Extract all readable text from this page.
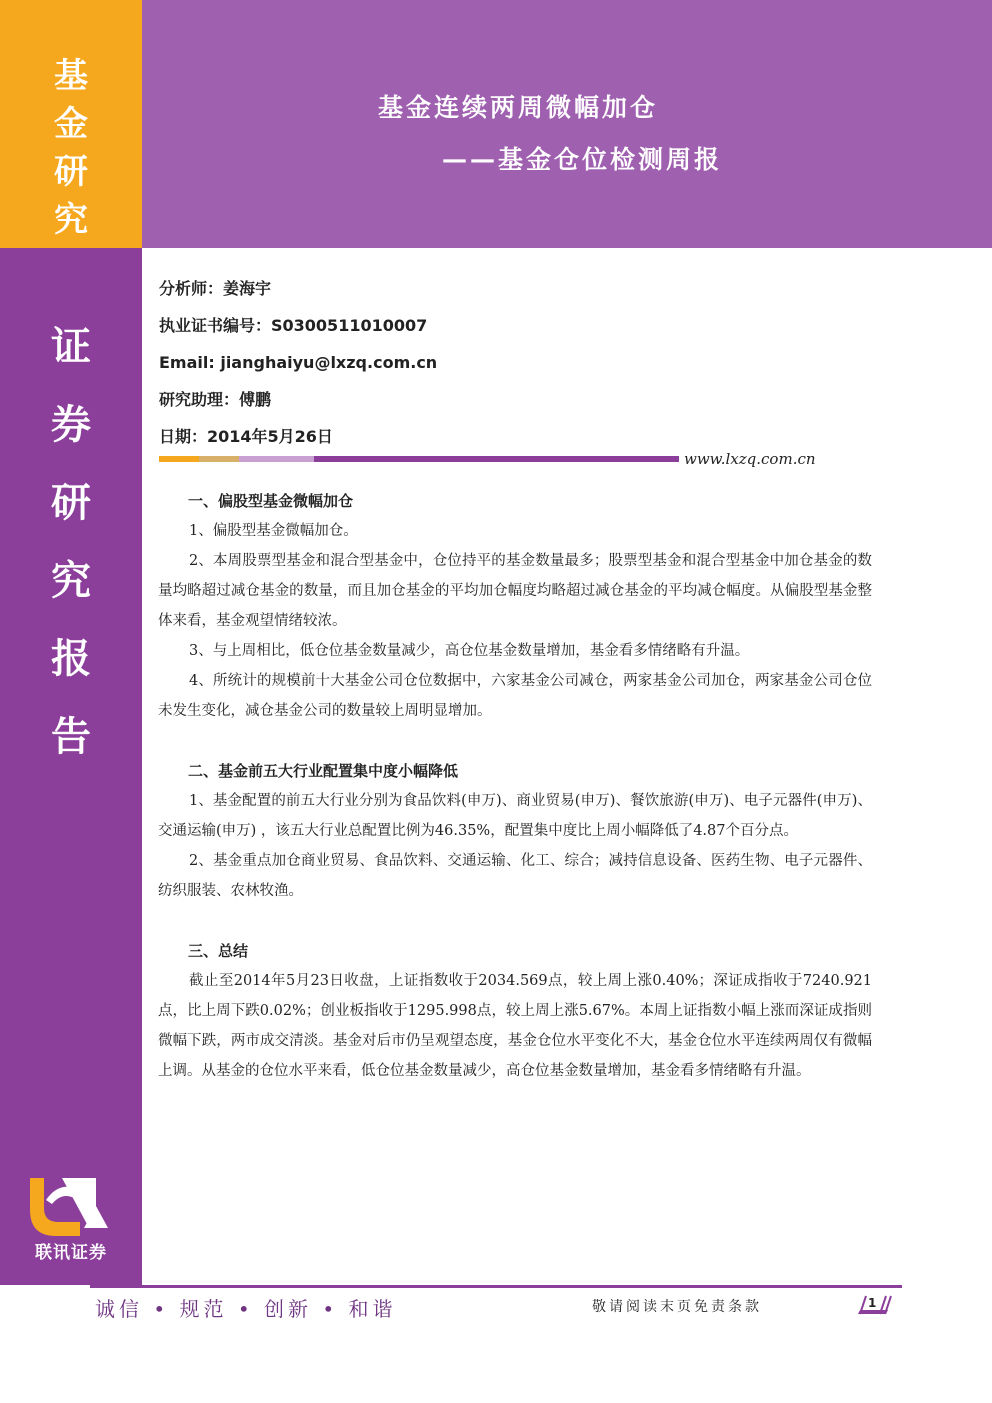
基
金
研
究
证
券
研
究
报
告
基金连续两周微幅加仓
——基金仓位检测周报
分析师：姜海宇
执业证书编号：S0300511010007
Email: jianghaiyu@lxzq.com.cn
研究助理：傅鹏
日期：2014年5月26日
www.lxzq.com.cn
一、偏股型基金微幅加仓

1、偏股型基金微幅加仓。

2、本周股票型基金和混合型基金中，仓位持平的基金数量最多；股票型基金和混合型基金中加仓基金的数量均略超过减仓基金的数量，而且加仓基金的平均加仓幅度均略超过减仓基金的平均减仓幅度。从偏股型基金整体来看，基金观望情绪较浓。

3、与上周相比，低仓位基金数量减少，高仓位基金数量增加，基金看多情绪略有升温。

4、所统计的规模前十大基金公司仓位数据中，六家基金公司减仓，两家基金公司加仓，两家基金公司仓位未发生变化，减仓基金公司的数量较上周明显增加。

二、基金前五大行业配置集中度小幅降低

1、基金配置的前五大行业分别为食品饮料(申万)、商业贸易(申万)、餐饮旅游(申万)、电子元器件(申万)、交通运输(申万) ，该五大行业总配置比例为46.35%，配置集中度比上周小幅降低了4.87个百分点。

2、基金重点加仓商业贸易、食品饮料、交通运输、化工、综合；减持信息设备、医药生物、电子元器件、纺织服装、农林牧渔。

三、总结

截止至2014年5月23日收盘，上证指数收于2034.569点，较上周上涨0.40%；深证成指收于7240.921点，比上周下跌0.02%；创业板指收于1295.998点，较上周上涨5.67%。本周上证指数小幅上涨而深证成指则微幅下跌，两市成交清淡。基金对后市仍呈观望态度，基金仓位水平变化不大，基金仓位水平连续两周仅有微幅上调。从基金的仓位水平来看，低仓位基金数量减少，高仓位基金数量增加，基金看多情绪略有升温。

联讯证券
诚信 • 规范 • 创新 • 和谐	敬请阅读末页免责条款	1
